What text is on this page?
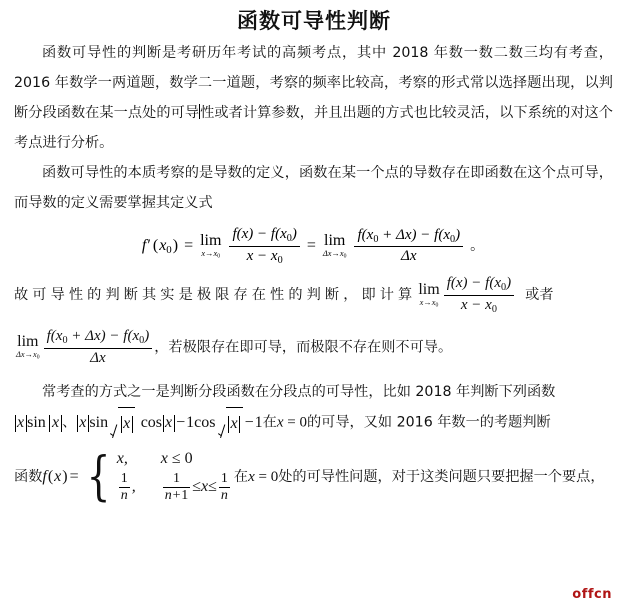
函数可导性判断

函数可导性的判断是考研历年考试的高频考点，其中 2018 年数一数二数三均有考查，2016 年数学一两道题，数学二一道题，考察的频率比较高，考察的形式常以选择题出现，以判断分段函数在某一点处的可导性或者计算参数，并且出题的方式也比较灵活，以下系统的对这个考点进行分析。

函数可导性的本质考察的是导数的定义，函数在某一个点的导数存在即函数在这个点可导，而导数的定义需要掌握其定义式

f′ (x0) = lim
x→x0
$\frac{f(x) - f(x0)}{x - x0} = \lim$
Δx→x0
$\frac{f(x0 + \Delta x) - f(x0)}{\Delta x}$ 。
故可导性的判断其实是极限存在性的判断，即计算 lim
$x\to x0 \frac{f(x) - f(x0)}{x - x0}$ 或者
lim
$\Delta x\to x0 \frac{f(x0 + \Delta x) - f(x0)}{\Delta x}$ ，若极限存在即可导，而极限不存在则不可导。

常考查的方式之一是判断分段函数在分段点的可导性，比如 2018 年判断下列函数

x sin  x 、 x sin x cos x −1cos x −1在x = 0的可导，又如 2016 年数一的考题判断
函数f(x) = { x, x ≤ 0
$\frac{1}{n}$ , $\frac{1}{n+1} \le x\le \frac{1}{n}$ 在x = 0处的可导性问题，对于这类问题只要把握一个要点，
offcn
